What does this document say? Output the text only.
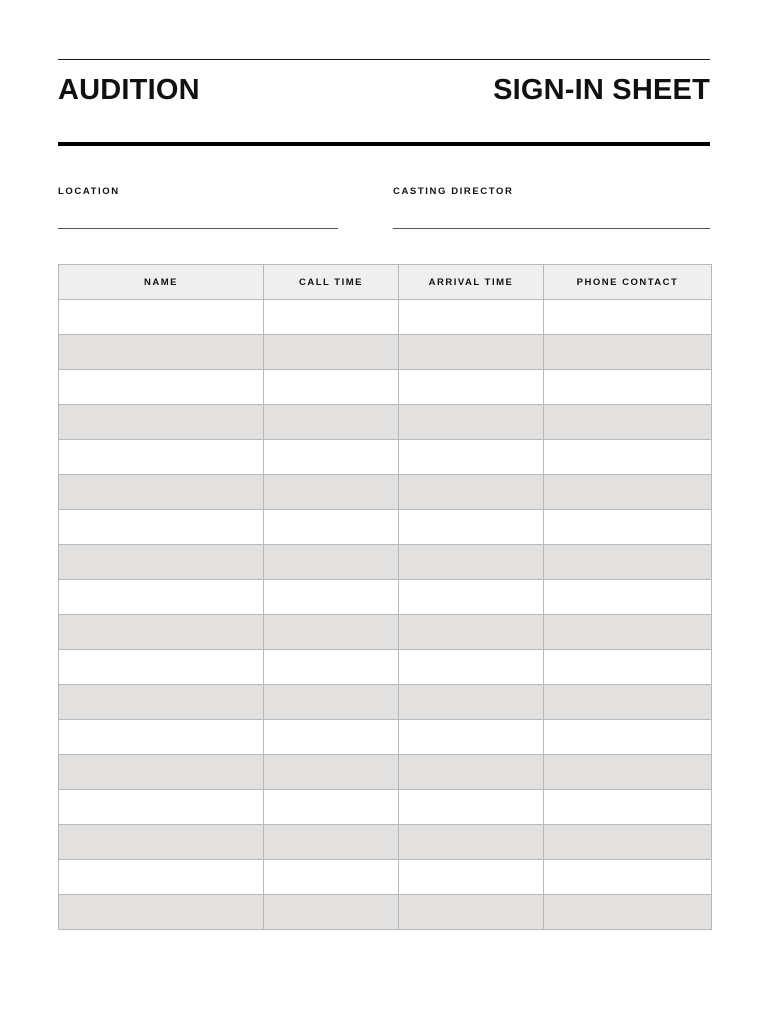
AUDITION	SIGN-IN SHEET
LOCATION	CASTING DIRECTOR
NAME	CALL TIME	ARRIVAL TIME	PHONE CONTACT
